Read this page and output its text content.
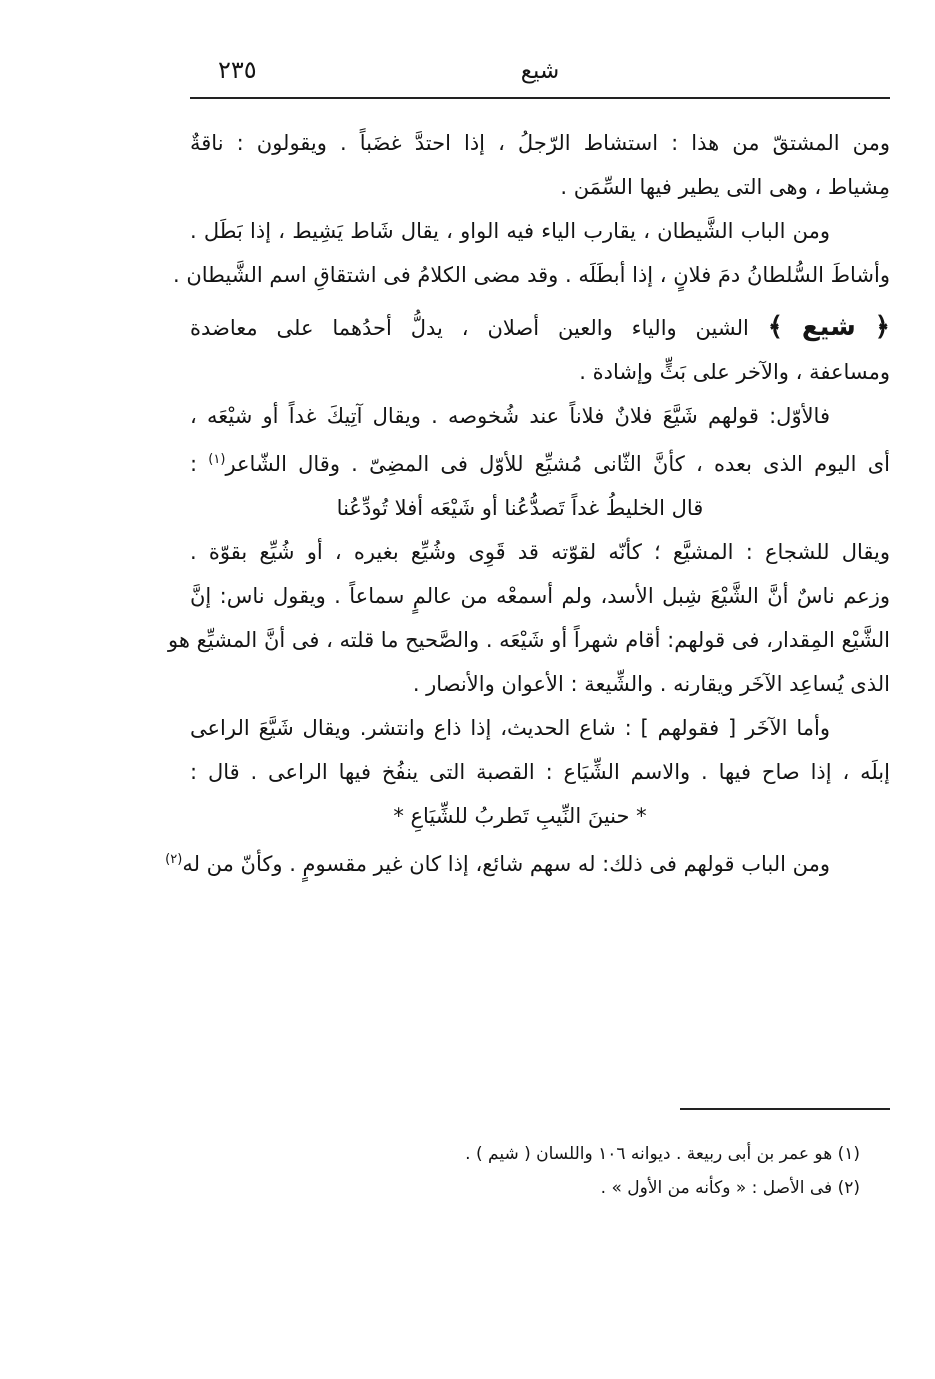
٢٣٥	شيع
ومن المشتقّ من هذا : استشاط الرّجلُ ، إذا احتدَّ غضَباً . ويقولون : ناقةٌ
مِشياط ، وهى التى يطير فيها السِّمَن .
ومن الباب الشَّيطان ، يقارب الياء فيه الواو ، يقال شَاط يَشِيط ، إذا بَطَل .
وأشاطَ السُّلطانُ دمَ فلانٍ ، إذا أبطَلَه . وقد مضى الكلامُ فى اشتقاقِ اسم الشَّيطان .
﴿ شيع ﴾ الشين والياء والعين أصلان ، يدلُّ أحدُهما على معاضدة
ومساعفة ، والآخر على بَثٍّ وإشادة .
فالأوّل: قولهم شَيَّعَ فلانٌ فلاناً عند شُخوصه . ويقال آتِيكَ غداً أو شيْعَه ،
أى اليوم الذى بعده ، كأنَّ الثّانى مُشيِّع للأوّل فى المضِىّ . وقال الشّاعر$^{(١)}$ :
قال الخليطُ غداً تَصدُّعُنا أو شَيْعَه أفلا تُودِّعُنا
ويقال للشجاع : المشيَّع ؛ كأنّه لقوّته قد قَوِى وشُيِّع بغيره ، أو شُيِّع بقوّة .
وزعم ناسٌ أنَّ الشَّيْعَ شِبل الأسد، ولم أسمعْه من عالمٍ سماعاً . ويقول ناس: إنَّ
الشَّيْع المِقدار، فى قولهم: أقام شهراً أو شَيْعَه . والصَّحيح ما قلته ، فى أنَّ المشيِّع هو
الذى يُساعِد الآخَر ويقارنه . والشِّيعة : الأعوان والأنصار .
وأما الآخَر [ فقولهم ] : شاع الحديث، إذا ذاع وانتشر. ويقال شَيَّعَ الراعى
إبلَه ، إذا صاح فيها . والاسم الشِّيَاع : القصبة التى ينفُخ فيها الراعى . قال :
* حنينَ النِّيبِ تَطربُ للشِّيَاعِ *
ومن الباب قولهم فى ذلك: له سهم شائع، إذا كان غير مقسومٍ . وكأنّ من له$^{(٢)}$
(١) هو عمر بن أبى ربيعة . ديوانه ١٠٦ واللسان ( شيم ) .
(٢) فى الأصل : « وكأنه من الأول » .
